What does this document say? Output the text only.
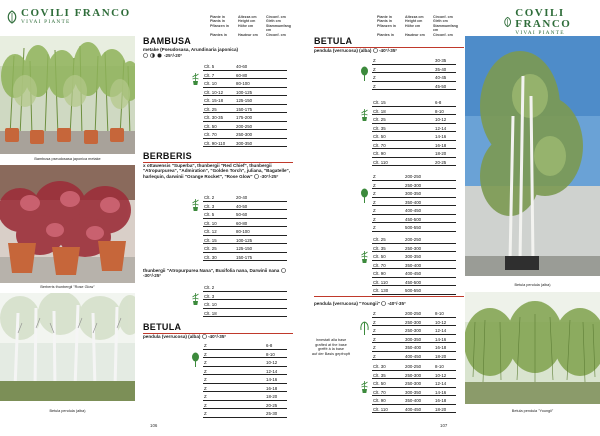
COVILI FRANCO
VIVAI PIANTE
Piante in	Altezza cm	Circonf. cm
Plants in	Height cm	Girth cm
Pflanzen in	Höhe cm	Stammumfang cm
Plantes in	Hauteur cm	Circonf. cm
Bambusa pseudosasa japonica metake
Berberis thunbergii "Rose Glow"
Betula pendula (alba)
BAMBUSA
metake (Pseudosasa, Arundinaria japonica)
-25°/-20°
Clt. 5	40-60	
Clt. 7	60-80	
Clt. 10	80-100	
Clt. 10-12	100-125	
Clt. 15-18	125-150	
Clt. 25	150-175	
Clt. 30-35	175-200	
Clt. 50	200-250	
Clt. 70	250-300	
Clt. 90-110	300-350	
BERBERIS
x ottawensis "Superba", thunbergii "Red Chief", thunbergii "Atropurpurea", "Admiration", "Golden Torch", juliana, "Bagatelle", harlequin, darwinii "Orange Rocket", "Rose Glow" -30°/-25°
Clt. 2	20-40	
Clt. 3	40-50	
Clt. 5	50-60	
Clt. 10	60-80	
Clt. 12	80-100	
Clt. 15	100-125	
Clt. 25	125-150	
Clt. 30	150-175	
thunbergii "Atropurpurea Nana", Buxifolia nana, Darwinii nana  -30°/-25°
Clt. 2		
Clt. 3		
Clt. 10		
Clt. 18		
BETULA
pendula (verrucosa) (alba) -40°/-35°
Z		6-8
Z		8-10
Z		10-12
Z		12-14
Z		14-16
Z		16-18
Z		18-20
Z		20-25
Z		25-30
106
Piante in	Altezza cm	Circonf. cm
Plants in	Height cm	Girth cm
Pflanzen in	Höhe cm	Stammumfang cm
Plantes in	Hauteur cm	Circonf. cm
COVILI FRANCO
VIVAI PIANTE
BETULA
pendula (verrucosa) (alba) -40°/-35°
Z		30-35
Z		35-40
Z		40-45
Z		45-50
Clt. 15		6-8
Clt. 18		8-10
Clt. 25		10-12
Clt. 35		12-14
Clt. 50		14-16
Clt. 70		16-18
Clt. 90		18-20
Clt. 110		20-25
Z	200-250	
Z	250-300	
Z	300-350	
Z	350-400	
Z	400-450	
Z	450-500	
Z	500-550	
Clt. 25	200-250	
Clt. 35	250-300	
Clt. 50	300-350	
Clt. 70	350-400	
Clt. 90	400-450	
Clt. 110	450-500	
Clt. 130	500-550	
pendula (verrucosa) "Youngii" -40°/-35°
Innestati alla base
grafted at the base
greffé à la base
auf der Basis gepfropft
Z	200-250	8-10
Z	250-300	10-12
Z	250-300	12-14
Z	300-350	14-16
Z	350-400	16-18
Z	400-450	18-20
Clt. 30	200-250	8-10
Clt. 35	250-300	10-12
Clt. 50	250-300	12-14
Clt. 70	300-350	14-16
Clt. 90	350-400	16-18
Clt. 110	400-450	18-20
Betula pendula (alba)
Betula pendula "Youngii"
107
